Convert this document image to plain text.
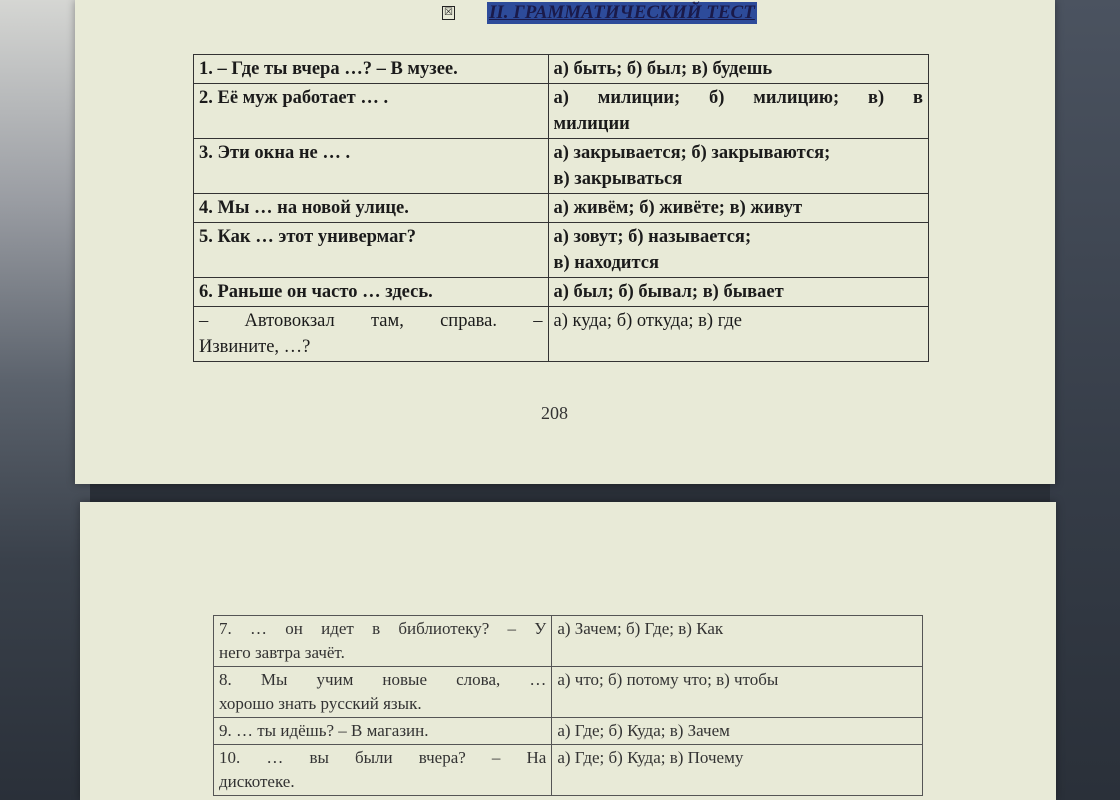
☒ II. ГРАММАТИЧЕСКИЙ ТЕСТ
1. – Где ты вчера …? – В музее.	а) быть; б) был; в) будешь
2. Её муж работает … .	а) милиции; б) милицию; в) в
милиции
3. Эти окна не … .	а) закрывается; б) закрываются;
в) закрываться
4. Мы … на новой улице.	а) живём; б) живёте; в) живут
5. Как … этот универмаг?	а) зовут; б) называется;
в) находится
6. Раньше он часто … здесь.	а) был; б) бывал; в) бывает

– Автовокзал там, справа. –
Извините, …?	а) куда; б) откуда; в) где
208
7. … он идет в библиотеку? – У
него завтра зачёт.	а) Зачем; б) Где; в) Как

8. Мы учим новые слова, …
хорошо знать русский язык.	а) что; б) потому что; в) чтобы
9. … ты идёшь? – В магазин.	а) Где; б) Куда; в) Зачем

10. … вы были вчера? – На
дискотеке.	а) Где; б) Куда; в) Почему
